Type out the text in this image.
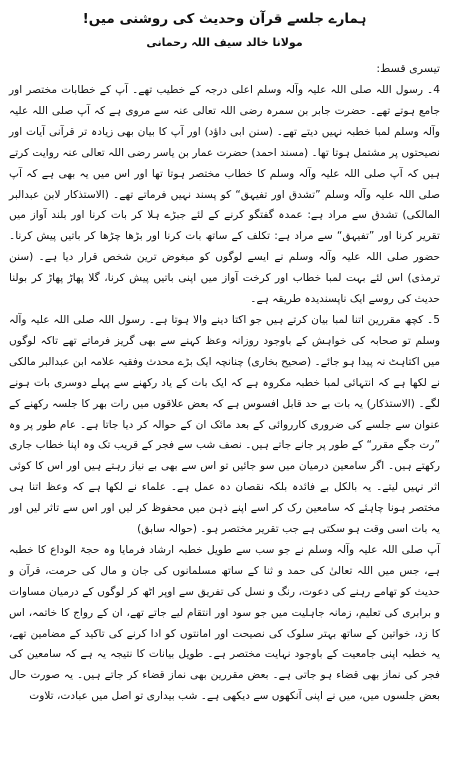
ہمارے جلسے قرآن وحدیث کی روشنی میں!
مولانا خالد سیف اللہ رحمانی
تیسری قسط:

4۔ رسول اللہ صلی اللہ علیہ وآلہ وسلم اعلی درجہ کے خطیب تھے۔ آپ کے خطابات مختصر اور جامع ہوتے تھے۔ حضرت جابر بن سمرہ رضی اللہ تعالی عنہ سے مروی ہے کہ آپ صلی اللہ علیہ وآلہ وسلم لمبا خطبہ نہیں دیتے تھے۔ (سنن ابی داؤد) اور آپ کا بیان بھی زیادہ تر قرآنی آیات اور نصیحتوں پر مشتمل ہوتا تھا۔ (مسند احمد) حضرت عمار بن یاسر رضی اللہ تعالی عنہ روایت کرتے ہیں کہ آپ صلی اللہ علیہ وآلہ وسلم کا خطاب مختصر ہوتا تھا اور اس میں یہ بھی ہے کہ آپ صلی اللہ علیہ وآلہ وسلم ”تشدق اور تفیہق“ کو پسند نہیں فرماتے تھے۔ (الاستذکار لابن عبدالبر المالکی) تشدق سے مراد ہے: عمدہ گفتگو کرنے کے لئے جبڑے ہلا کر بات کرنا اور بلند آواز میں تقریر کرنا اور ”تفیہق“ سے مراد ہے: تکلف کے ساتھ بات کرنا اور بڑھا چڑھا کر باتیں پیش کرنا۔ حضور صلی اللہ علیہ وآلہ وسلم نے ایسے لوگوں کو مبغوض ترین شخص قرار دیا ہے۔ (سنن ترمذی) اس لئے بہت لمبا خطاب اور کرخت آواز میں اپنی باتیں پیش کرنا، گلا پھاڑ پھاڑ کر بولنا حدیث کی روسے ایک ناپسندیدہ طریقہ ہے۔

5۔ کچھ مقررین اتنا لمبا بیان کرتے ہیں جو اکتا دینے والا ہوتا ہے۔ رسول اللہ صلی اللہ علیہ وآلہ وسلم تو صحابہ کی خواہش کے باوجود روزانہ وعظ کہنے سے بھی گریز فرماتے تھے تاکہ لوگوں میں اکتاہٹ نہ پیدا ہو جائے۔ (صحیح بخاری) چنانچہ ایک بڑے محدث وفقیہ علامہ ابن عبدالبر مالکی نے لکھا ہے کہ انتہائی لمبا خطبہ مکروہ ہے کہ ایک بات کے یاد رکھنے سے پہلے دوسری بات ہونے لگے۔ (الاستذکار) یہ بات بے حد قابل افسوس ہے کہ بعض علاقوں میں رات بھر کا جلسہ رکھنے کے عنوان سے جلسے کی ضروری کارروائی کے بعد مائک ان کے حوالہ کر دیا جاتا ہے۔ عام طور پر وہ ”رت جگے مقرر“ کے طور پر جانے جاتے ہیں۔ نصف شب سے فجر کے قریب تک وہ اپنا خطاب جاری رکھتے ہیں۔ اگر سامعین درمیان میں سو جائیں تو اس سے بھی بے نیاز رہتے ہیں اور اس کا کوئی اثر نہیں لیتے۔ یہ بالکل بے فائدہ بلکہ نقصان دہ عمل ہے۔ علماء نے لکھا ہے کہ وعظ اتنا ہی مختصر ہونا چاہئے کہ سامعین رک کر اسے اپنے ذہن میں محفوظ کر لیں اور اس سے تاثر لیں اور یہ بات اسی وقت ہو سکتی ہے جب تقریر مختصر ہو۔ (حوالہ سابق)

آپ صلی اللہ علیہ وآلہ وسلم نے جو سب سے طویل خطبہ ارشاد فرمایا وہ حجۃ الوداع کا خطبہ ہے، جس میں اللہ تعالیٰ کی حمد و ثنا کے ساتھ مسلمانوں کی جان و مال کی حرمت، قرآن و حدیث کو تھامے رہنے کی دعوت، رنگ و نسل کی تفریق سے اوپر اٹھ کر لوگوں کے درمیان مساوات و برابری کی تعلیم، زمانہ جاہلیت میں جو سود اور انتقام لیے جاتے تھے، ان کے رواج کا خاتمہ، اس کا زد، خواتین کے ساتھ بہتر سلوک کی نصیحت اور امانتوں کو ادا کرنے کی تاکید کے مضامین تھے، یہ خطبہ اپنی جامعیت کے باوجود نہایت مختصر ہے۔ طویل بیانات کا نتیجہ یہ ہے کہ سامعین کی فجر کی نماز بھی قضاء ہو جاتی ہے۔ بعض مقررین بھی نماز قضاء کر جاتے ہیں۔ یہ صورت حال بعض جلسوں میں، میں نے اپنی آنکھوں سے دیکھی ہے۔ شب بیداری تو اصل میں عبادت، تلاوت
